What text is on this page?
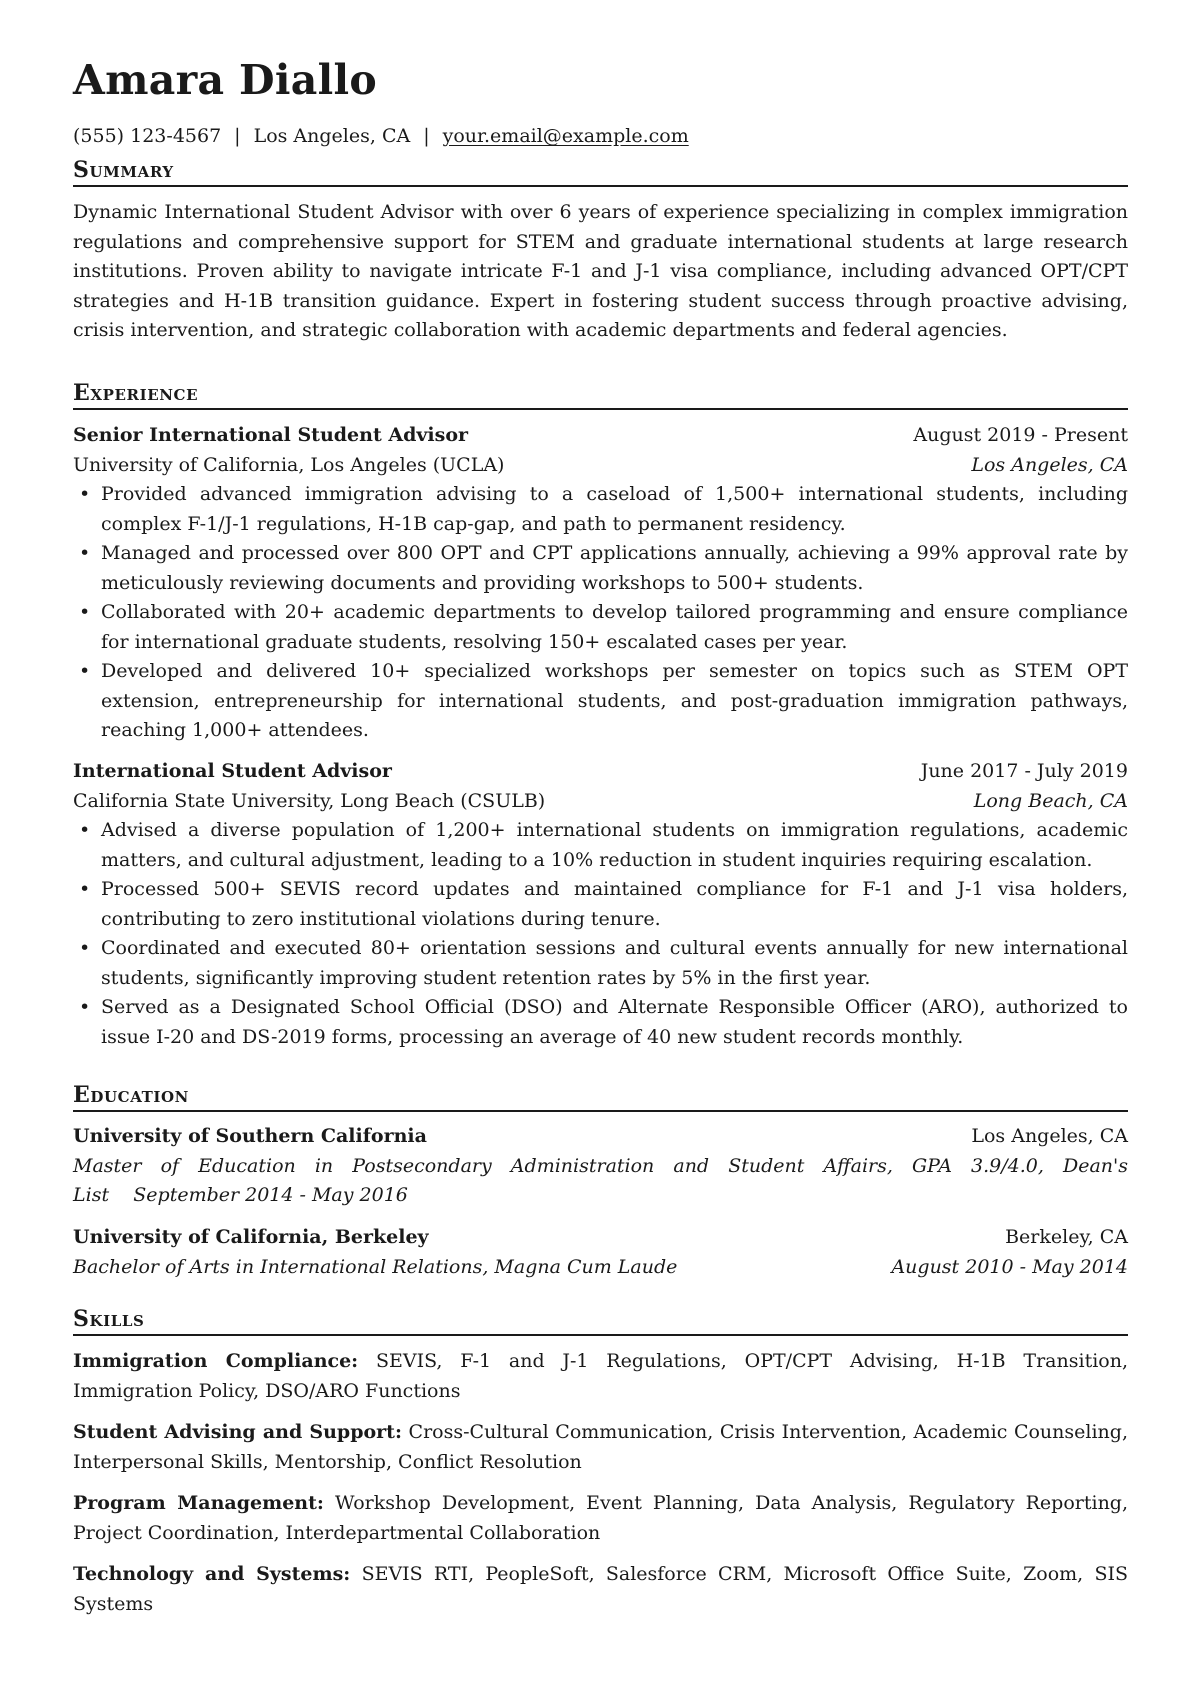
Amara Diallo
(555) 123-4567 | Los Angeles, CA | your.email@example.com
Summary

Dynamic International Student Advisor with over 6 years of experience specializing in complex immigration regulations and comprehensive support for STEM and graduate international students at large research institutions. Proven ability to navigate intricate F-1 and J-1 visa compliance, including advanced OPT/CPT strategies and H-1B transition guidance. Expert in fostering student success through proactive advising, crisis intervention, and strategic collaboration with academic departments and federal agencies.

Experience
Senior International Student Advisor	August 2019 - Present
University of California, Los Angeles (UCLA)	Los Angeles, CA
• Provided advanced immigration advising to a caseload of 1,500+ international students, including complex F-1/J-1 regulations, H-1B cap-gap, and path to permanent residency.
• Managed and processed over 800 OPT and CPT applications annually, achieving a 99% approval rate by meticulously reviewing documents and providing workshops to 500+ students.
• Collaborated with 20+ academic departments to develop tailored programming and ensure compliance for international graduate students, resolving 150+ escalated cases per year.
• Developed and delivered 10+ specialized workshops per semester on topics such as STEM OPT extension, entrepreneurship for international students, and post-graduation immigration pathways, reaching 1,000+ attendees.
International Student Advisor	June 2017 - July 2019
California State University, Long Beach (CSULB)	Long Beach, CA
• Advised a diverse population of 1,200+ international students on immigration regulations, academic matters, and cultural adjustment, leading to a 10% reduction in student inquiries requiring escalation.
• Processed 500+ SEVIS record updates and maintained compliance for F-1 and J-1 visa holders, contributing to zero institutional violations during tenure.
• Coordinated and executed 80+ orientation sessions and cultural events annually for new international students, significantly improving student retention rates by 5% in the first year.
• Served as a Designated School Official (DSO) and Alternate Responsible Officer (ARO), authorized to issue I-20 and DS-2019 forms, processing an average of 40 new student records monthly.
Education
University of Southern California	Los Angeles, CA
Master of Education in Postsecondary Administration and Student Affairs, GPA 3.9/4.0, Dean's List September 2014 - May 2016
University of California, Berkeley	Berkeley, CA
Bachelor of Arts in International Relations, Magna Cum Laude	August 2010 - May 2014
Skills

Immigration Compliance: SEVIS, F-1 and J-1 Regulations, OPT/CPT Advising, H-1B Transition, Immigration Policy, DSO/ARO Functions

Student Advising and Support: Cross-Cultural Communication, Crisis Intervention, Academic Counseling, Interpersonal Skills, Mentorship, Conflict Resolution

Program Management: Workshop Development, Event Planning, Data Analysis, Regulatory Reporting, Project Coordination, Interdepartmental Collaboration

Technology and Systems: SEVIS RTI, PeopleSoft, Salesforce CRM, Microsoft Office Suite, Zoom, SIS Systems
